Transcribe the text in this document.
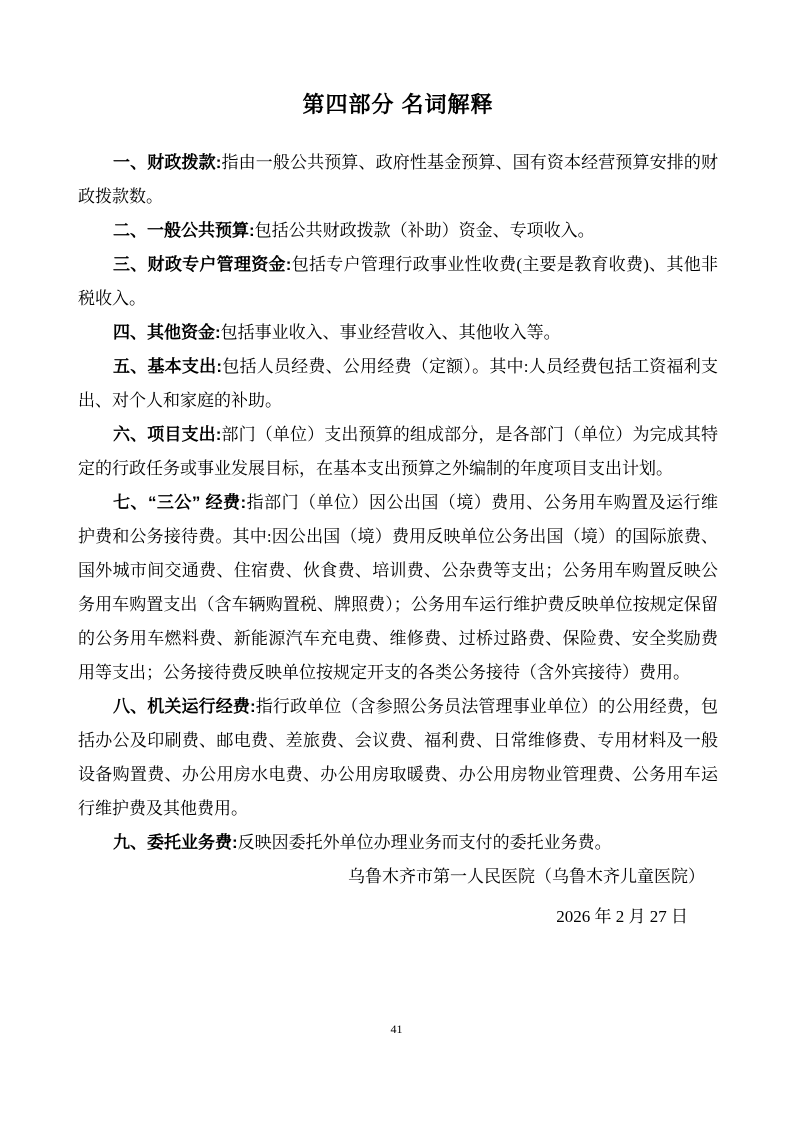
第四部分 名词解释

一、财政拨款:指由一般公共预算、政府性基金预算、国有资本经营预算安排的财政拨款数。

二、一般公共预算:包括公共财政拨款（补助）资金、专项收入。

三、财政专户管理资金:包括专户管理行政事业性收费(主要是教育收费)、其他非税收入。

四、其他资金:包括事业收入、事业经营收入、其他收入等。

五、基本支出:包括人员经费、公用经费（定额）。其中:人员经费包括工资福利支出、对个人和家庭的补助。

六、项目支出:部门（单位）支出预算的组成部分，是各部门（单位）为完成其特定的行政任务或事业发展目标，在基本支出预算之外编制的年度项目支出计划。

七、“三公” 经费:指部门（单位）因公出国（境）费用、公务用车购置及运行维护费和公务接待费。其中:因公出国（境）费用反映单位公务出国（境）的国际旅费、国外城市间交通费、住宿费、伙食费、培训费、公杂费等支出；公务用车购置反映公务用车购置支出（含车辆购置税、牌照费）；公务用车运行维护费反映单位按规定保留的公务用车燃料费、新能源汽车充电费、维修费、过桥过路费、保险费、安全奖励费用等支出；公务接待费反映单位按规定开支的各类公务接待（含外宾接待）费用。

八、机关运行经费:指行政单位（含参照公务员法管理事业单位）的公用经费，包括办公及印刷费、邮电费、差旅费、会议费、福利费、日常维修费、专用材料及一般设备购置费、办公用房水电费、办公用房取暖费、办公用房物业管理费、公务用车运行维护费及其他费用。

九、委托业务费:反映因委托外单位办理业务而支付的委托业务费。

乌鲁木齐市第一人民医院（乌鲁木齐儿童医院）

2026 年 2 月 27 日

41
